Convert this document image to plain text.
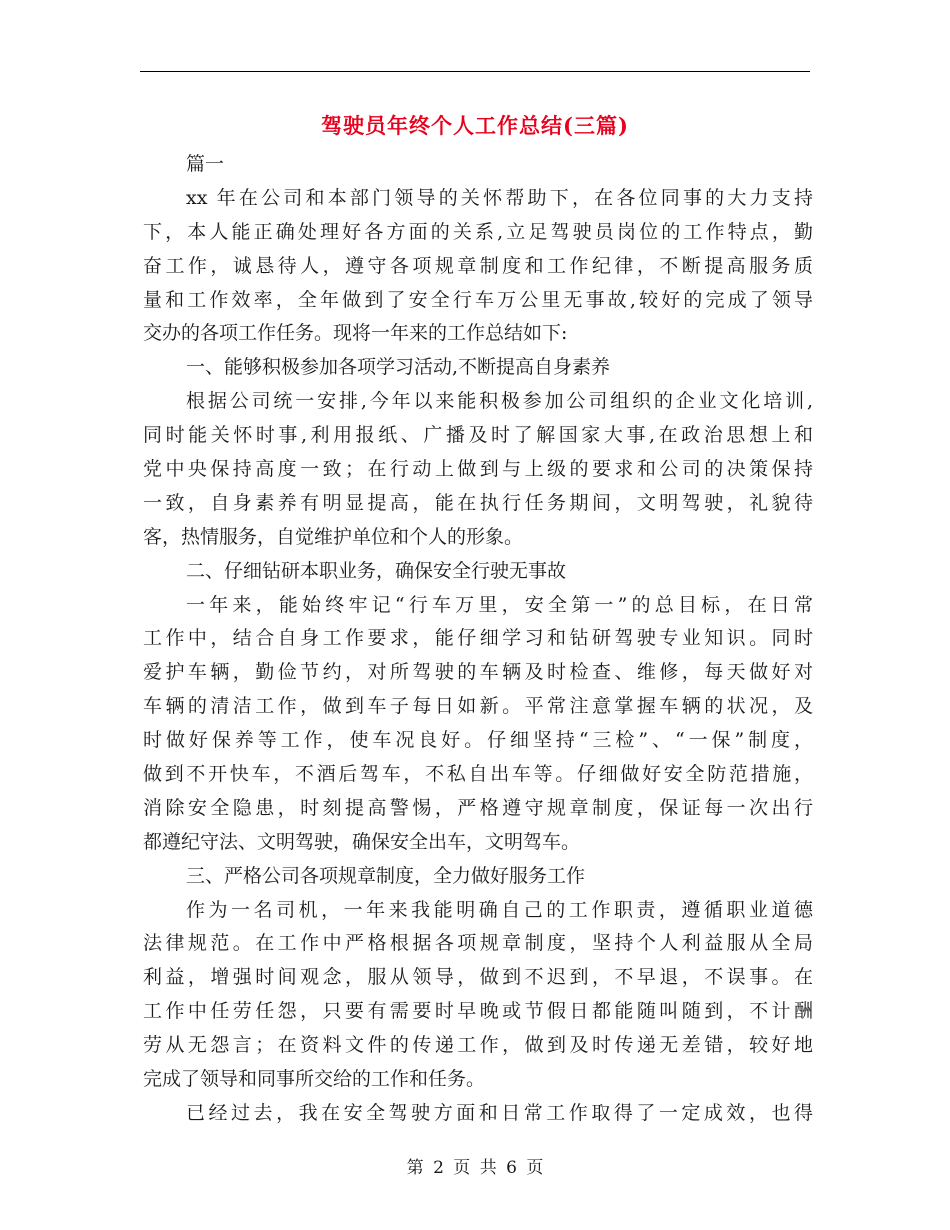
驾驶员年终个人工作总结(三篇)
篇一
xx 年在公司和本部门领导的关怀帮助下，在各位同事的大力支持
下，本人能正确处理好各方面的关系,立足驾驶员岗位的工作特点，勤
奋工作，诚恳待人，遵守各项规章制度和工作纪律，不断提高服务质
量和工作效率，全年做到了安全行车万公里无事故,较好的完成了领导
交办的各项工作任务。现将一年来的工作总结如下:
一、能够积极参加各项学习活动,不断提高自身素养
根据公司统一安排,今年以来能积极参加公司组织的企业文化培训,
同时能关怀时事,利用报纸、广播及时了解国家大事,在政治思想上和
党中央保持高度一致；在行动上做到与上级的要求和公司的决策保持
一致，自身素养有明显提高，能在执行任务期间，文明驾驶，礼貌待
客，热情服务，自觉维护单位和个人的形象。
二、仔细钻研本职业务，确保安全行驶无事故
一年来，能始终牢记“行车万里，安全第一”的总目标，在日常
工作中，结合自身工作要求，能仔细学习和钻研驾驶专业知识。同时
爱护车辆，勤俭节约，对所驾驶的车辆及时检查、维修，每天做好对
车辆的清洁工作，做到车子每日如新。平常注意掌握车辆的状况，及
时做好保养等工作，使车况良好。仔细坚持“三检”、“一保”制度，
做到不开快车，不酒后驾车，不私自出车等。仔细做好安全防范措施，
消除安全隐患，时刻提高警惕，严格遵守规章制度，保证每一次出行
都遵纪守法、文明驾驶，确保安全出车，文明驾车。
三、严格公司各项规章制度，全力做好服务工作
作为一名司机，一年来我能明确自己的工作职责，遵循职业道德
法律规范。在工作中严格根据各项规章制度，坚持个人利益服从全局
利益，增强时间观念，服从领导，做到不迟到，不早退，不误事。在
工作中任劳任怨，只要有需要时早晚或节假日都能随叫随到，不计酬
劳从无怨言；在资料文件的传递工作，做到及时传递无差错，较好地
完成了领导和同事所交给的工作和任务。
已经过去，我在安全驾驶方面和日常工作取得了一定成效，也得
第 2 页 共 6 页
